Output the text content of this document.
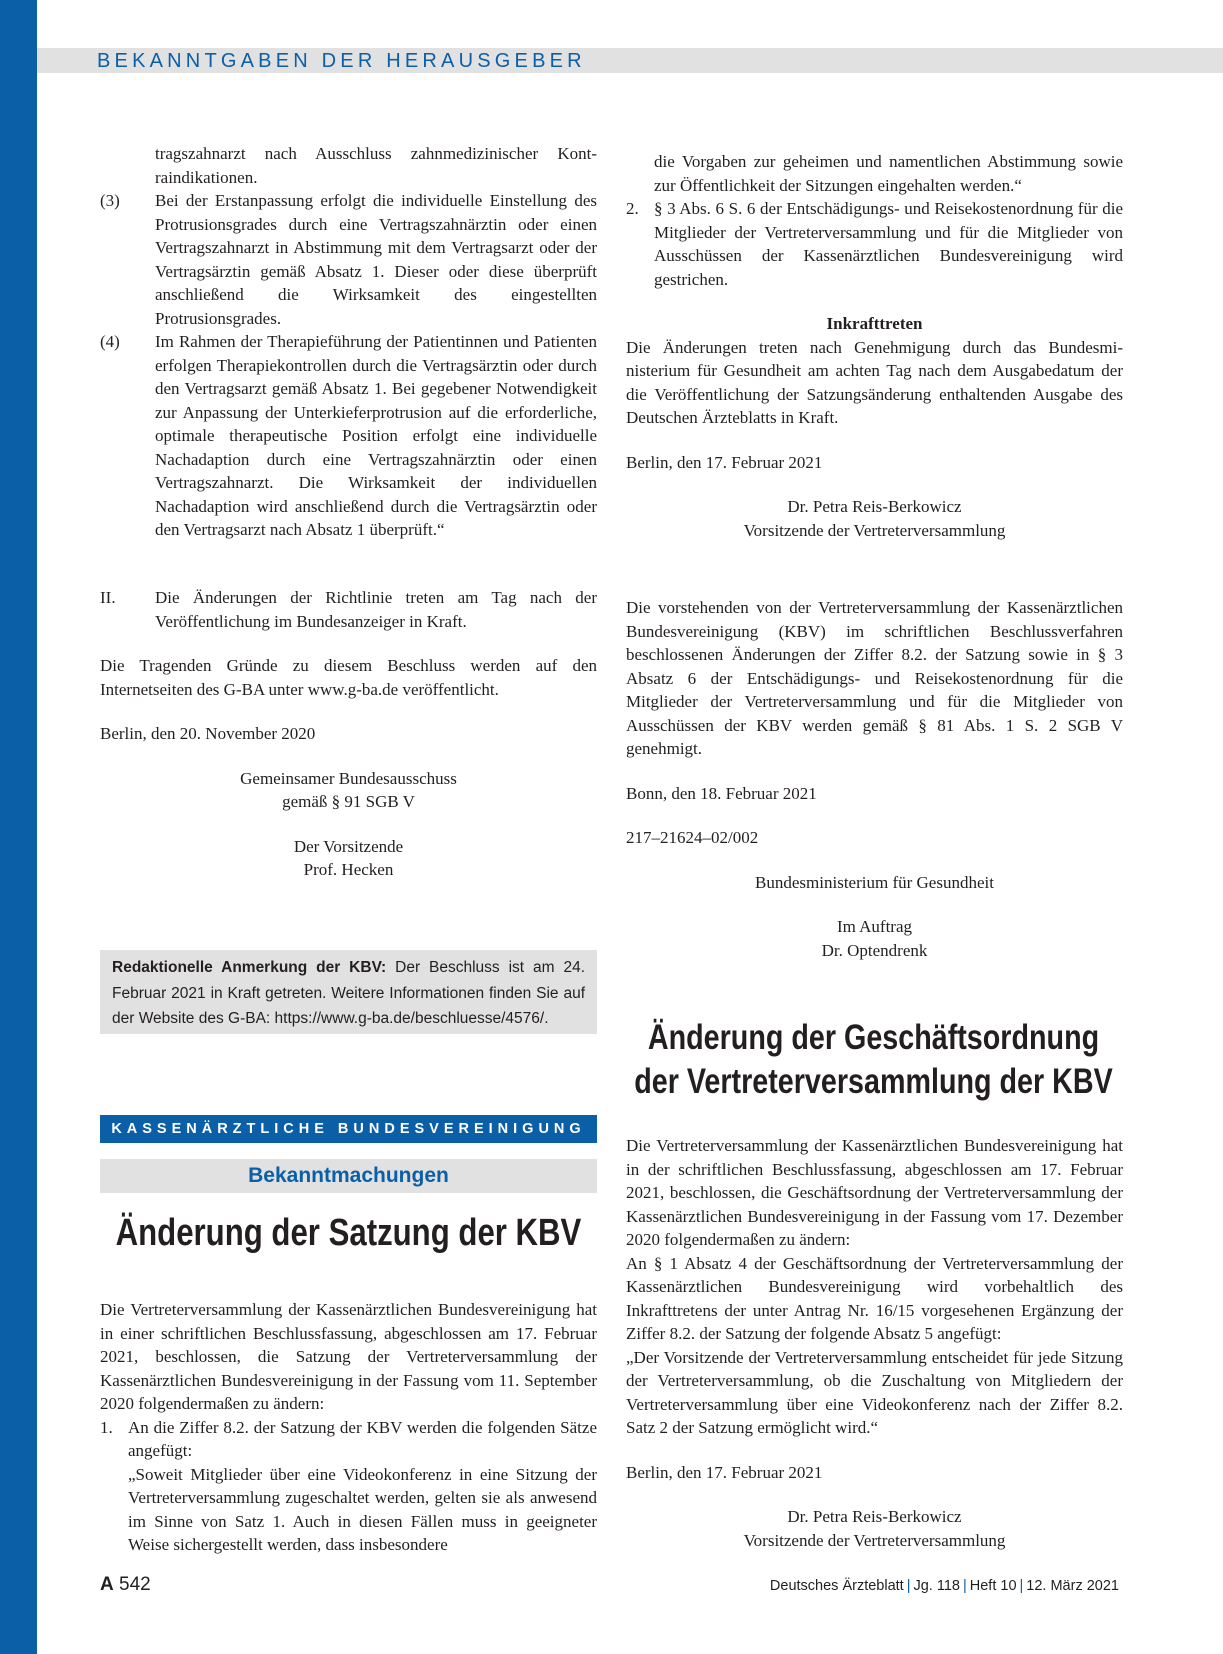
BEKANNTGABEN DER HERAUSGEBER

tragszahnarzt nach Ausschluss zahnmedizinischer Kontraindikationen.

(3)	Bei der Erstanpassung erfolgt die individuelle Einstellung des Protrusionsgrades durch eine Vertragszahnärztin oder einen Vertragszahnarzt in Abstimmung mit dem Vertragsarzt oder der Vertragsärztin gemäß Absatz 1. Dieser oder diese überprüft anschließend die Wirksamkeit des eingestellten Protrusionsgrades.
(4)	Im Rahmen der Therapieführung der Patientinnen und Patienten erfolgen Therapiekontrollen durch die Vertragsärztin oder durch den Vertragsarzt gemäß Absatz 1. Bei gegebener Notwendigkeit zur Anpassung der Unterkieferprotrusion auf die erforderliche, optimale therapeutische Position erfolgt eine individuelle Nachadaption durch eine Vertragszahnärztin oder einen Vertragszahnarzt. Die Wirksamkeit der individuellen Nachadaption wird anschließend durch die Vertragsärztin oder den Vertragsarzt nach Absatz 1 überprüft.“
II.	Die Änderungen der Richtlinie treten am Tag nach der Veröffentlichung im Bundesanzeiger in Kraft.

Die Tragenden Gründe zu diesem Beschluss werden auf den Internetseiten des G-BA unter www.g-ba.de veröffentlicht.

Berlin, den 20. November 2020

Gemeinsamer Bundesausschuss

gemäß § 91 SGB V

Der Vorsitzende

Prof. Hecken

Redaktionelle Anmerkung der KBV: Der Beschluss ist am 24. Februar 2021 in Kraft getreten. Weitere Informationen finden Sie auf der Website des G-BA: https://www.g-ba.de/beschluesse/4576/.
KASSENÄRZTLICHE BUNDESVEREINIGUNG
Bekanntmachungen
Änderung der Satzung der KBV

Die Vertreterversammlung der Kassenärztlichen Bundesvereinigung hat in einer schriftlichen Beschlussfassung, abgeschlossen am 17. Februar 2021, beschlossen, die Satzung der Vertreterversammlung der Kassenärztlichen Bundesvereinigung in der Fassung vom 11. September 2020 folgendermaßen zu ändern:

1. An die Ziffer 8.2. der Satzung der KBV werden die folgenden Sätze angefügt:
„Soweit Mitglieder über eine Videokonferenz in eine Sitzung der Vertreterversammlung zugeschaltet werden, gelten sie als anwesend im Sinne von Satz 1. Auch in diesen Fällen muss in geeigneter Weise sichergestellt werden, dass insbesondere

die Vorgaben zur geheimen und namentlichen Abstimmung sowie zur Öffentlichkeit der Sitzungen eingehalten werden.“

2. § 3 Abs. 6 S. 6 der Entschädigungs- und Reisekostenordnung für die Mitglieder der Vertreterversammlung und für die Mitglieder von Ausschüssen der Kassenärztlichen Bundesvereinigung wird gestrichen.

Inkrafttreten

Die Änderungen treten nach Genehmigung durch das Bundesministerium für Gesundheit am achten Tag nach dem Ausgabedatum der die Veröffentlichung der Satzungsänderung enthaltenden Ausgabe des Deutschen Ärzteblatts in Kraft.

Berlin, den 17. Februar 2021

Dr. Petra Reis-Berkowicz

Vorsitzende der Vertreterversammlung

Die vorstehenden von der Vertreterversammlung der Kassenärztlichen Bundesvereinigung (KBV) im schriftlichen Beschlussverfahren beschlossenen Änderungen der Ziffer 8.2. der Satzung sowie in § 3 Absatz 6 der Entschädigungs- und Reisekostenordnung für die Mitglieder der Vertreterversammlung und für die Mitglieder von Ausschüssen der KBV werden gemäß § 81 Abs. 1 S. 2 SGB V genehmigt.

Bonn, den 18. Februar 2021

217–21624–02/002

Bundesministerium für Gesundheit

Im Auftrag

Dr. Optendrenk

Änderung der Geschäftsordnung
der Vertreterversammlung der KBV

Die Vertreterversammlung der Kassenärztlichen Bundesvereinigung hat in der schriftlichen Beschlussfassung, abgeschlossen am 17. Februar 2021, beschlossen, die Geschäftsordnung der Vertreterversammlung der Kassenärztlichen Bundesvereinigung in der Fassung vom 17. Dezember 2020 folgendermaßen zu ändern:

An § 1 Absatz 4 der Geschäftsordnung der Vertreterversammlung der Kassenärztlichen Bundesvereinigung wird vorbehaltlich des Inkrafttretens der unter Antrag Nr. 16/15 vorgesehenen Ergänzung der Ziffer 8.2. der Satzung der folgende Absatz 5 angefügt:

„Der Vorsitzende der Vertreterversammlung entscheidet für jede Sitzung der Vertreterversammlung, ob die Zuschaltung von Mitgliedern der Vertreterversammlung über eine Videokonferenz nach der Ziffer 8.2. Satz 2 der Satzung ermöglicht wird.“

Berlin, den 17. Februar 2021

Dr. Petra Reis-Berkowicz

Vorsitzende der Vertreterversammlung

A 542	Deutsches Ärzteblatt | Jg. 118 | Heft 10 | 12. März 2021
